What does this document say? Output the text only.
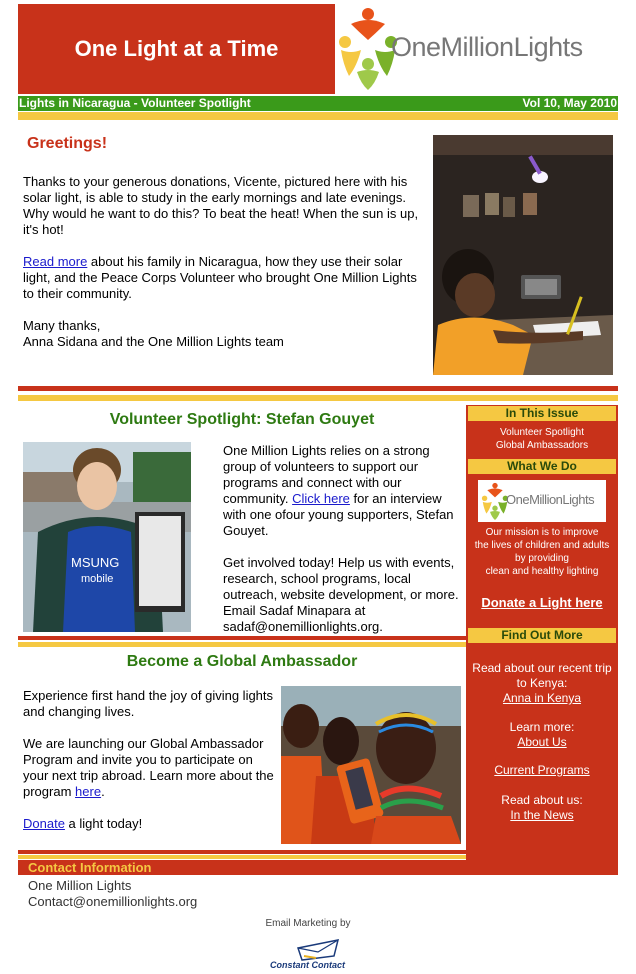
One Light at a Time	OneMillionLights
Lights in Nicaragua - Volunteer Spotlight	Vol 10, May 2010
Greetings!

Thanks to your generous donations, Vicente, pictured here with his solar light, is able to study in the early mornings and late evenings. Why would he want to do this? To beat the heat! When the sun is up, it's hot!

Read more about his family in Nicaragua, how they use their solar light, and the Peace Corps Volunteer who brought One Million Lights to their community.

Many thanks,
Anna Sidana and the One Million Lights team

Volunteer Spotlight: Stefan Gouyet
MSUNG
mobile

One Million Lights relies on a strong group of volunteers to support our programs and connect with our community. Click here for an interview with one ofour young supporters, Stefan Gouyet.

Get involved today! Help us with events, research, school programs, local outreach, website development, or more. Email Sadaf Minapara at sadaf@onemillionlights.org.

Become a Global Ambassador

Experience first hand the joy of giving lights and changing lives.

We are launching our Global Ambassador Program and invite you to participate on your next trip abroad. Learn more about the program here.

Donate a light today!

Contact Information
One Million Lights
Contact@onemillionlights.org
In This Issue
Volunteer Spotlight
Global Ambassadors
What We Do
OneMillionLights
Our mission is to improve
the lives of children and adults
by providing
clean and healthy lighting
Donate a Light here
Find Out More
Read about our recent trip
to Kenya:
Anna in Kenya
Learn more:
About Us
Current Programs
Read about us:
In the News
Email Marketing by
Constant Contact
